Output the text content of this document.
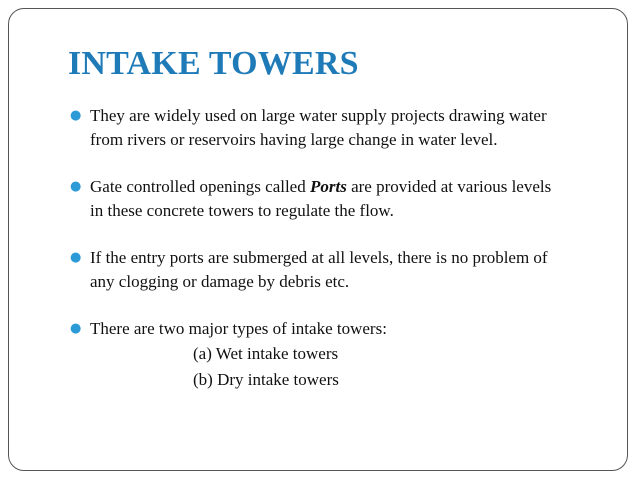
INTAKE TOWERS
● They are widely used on large water supply projects drawing water
from rivers or reservoirs having large change in water level.
● Gate controlled openings called Ports are provided at various levels
in these concrete towers to regulate the flow.
● If the entry ports are submerged at all levels, there is no problem of
any clogging or damage by debris etc.
● There are two major types of intake towers:
(a) Wet intake towers
(b) Dry intake towers
